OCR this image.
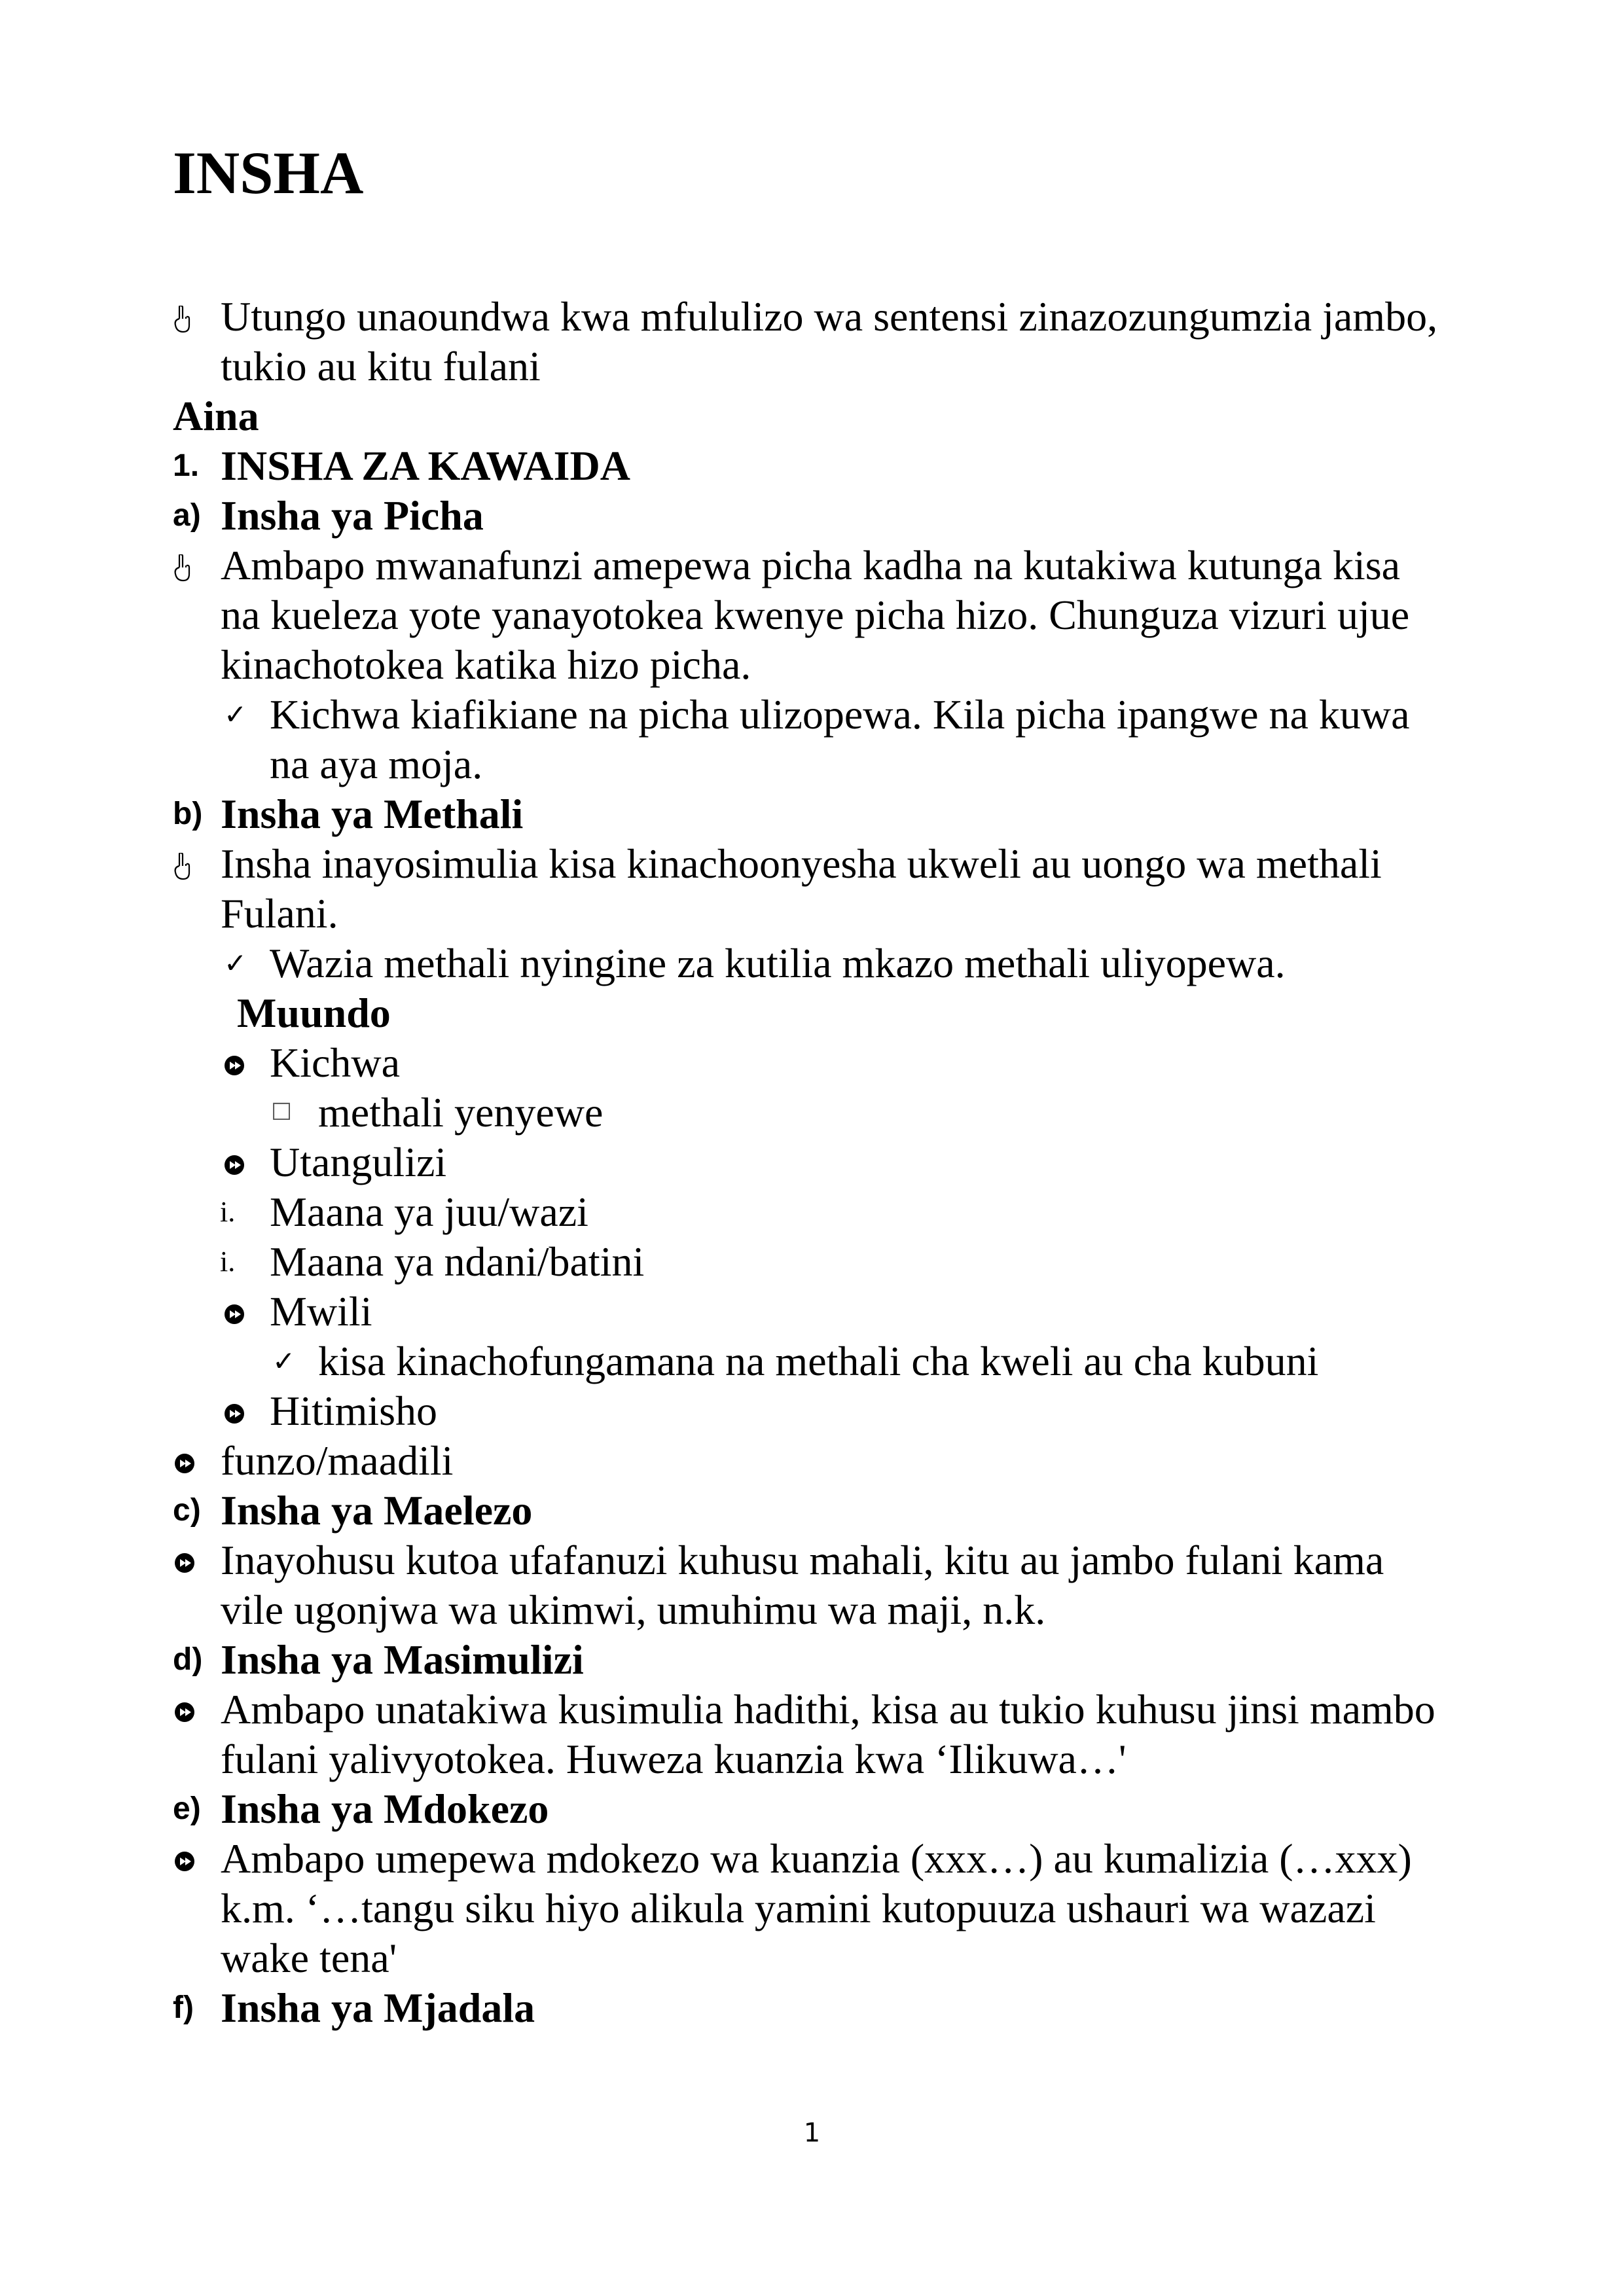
INSHA
Utungo unaoundwa kwa mfululizo wa sentensi zinazozungumzia jambo,
tukio au kitu fulani
Aina
1. INSHA ZA KAWAIDA
a) Insha ya Picha
Ambapo mwanafunzi amepewa picha kadha na kutakiwa kutunga kisa
na kueleza yote yanayotokea kwenye picha hizo. Chunguza vizuri ujue
kinachotokea katika hizo picha.
✓ Kichwa kiafikiane na picha ulizopewa. Kila picha ipangwe na kuwa
na aya moja.
b) Insha ya Methali
Insha inayosimulia kisa kinachoonyesha ukweli au uongo wa methali
Fulani.
✓ Wazia methali nyingine za kutilia mkazo methali uliyopewa.
Muundo
Kichwa
☐ methali yenyewe
Utangulizi
i. Maana ya juu/wazi
i. Maana ya ndani/batini
Mwili
✓ kisa kinachofungamana na methali cha kweli au cha kubuni
Hitimisho
funzo/maadili
c) Insha ya Maelezo
Inayohusu kutoa ufafanuzi kuhusu mahali, kitu au jambo fulani kama
vile ugonjwa wa ukimwi, umuhimu wa maji, n.k.
d) Insha ya Masimulizi
Ambapo unatakiwa kusimulia hadithi, kisa au tukio kuhusu jinsi mambo
fulani yalivyotokea. Huweza kuanzia kwa ‘Ilikuwa…'
e) Insha ya Mdokezo
Ambapo umepewa mdokezo wa kuanzia (xxx…) au kumalizia (…xxx)
k.m. ‘…tangu siku hiyo alikula yamini kutopuuza ushauri wa wazazi
wake tena'
f) Insha ya Mjadala
1
